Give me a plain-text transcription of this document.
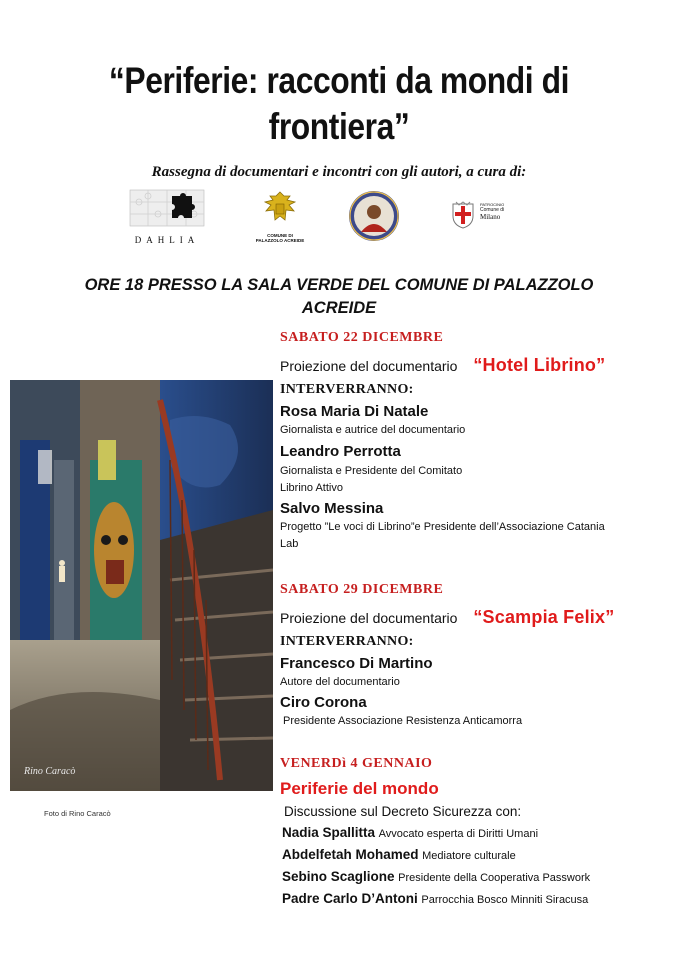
“Periferie: racconti da mondi di
frontiera”
Rassegna di documentari e incontri con gli autori, a cura di:
DAHLIA	COMUNE DI
PALAZZOLO ACREIDE
PATROCINIO
Comune di
Milano
ORE 18 PRESSO LA SALA VERDE DEL COMUNE DI PALAZZOLO
ACREIDE
Rino Caracò
Foto di Rino Caracò
SABATO 22 DICEMBRE
Proiezione del documentario “Hotel Librino”
INTERVERRANNO:
Rosa Maria Di Natale
Giornalista e autrice del documentario
Leandro Perrotta
Giornalista e Presidente del Comitato
Librino Attivo
Salvo Messina
Progetto ”Le voci di Librino”e Presidente dell’Associazione Catania
Lab
SABATO 29 DICEMBRE
Proiezione del documentario “Scampia Felix”
INTERVERRANNO:
Francesco Di Martino
Autore del documentario
Ciro Corona
Presidente Associazione Resistenza Anticamorra
VENERDì 4 GENNAIO
Periferie del mondo
Discussione sul Decreto Sicurezza con:
Nadia Spallitta Avvocato esperta di Diritti Umani
Abdelfetah Mohamed Mediatore culturale
Sebino Scaglione Presidente della Cooperativa Passwork
Padre Carlo D’Antoni Parrocchia Bosco Minniti Siracusa
